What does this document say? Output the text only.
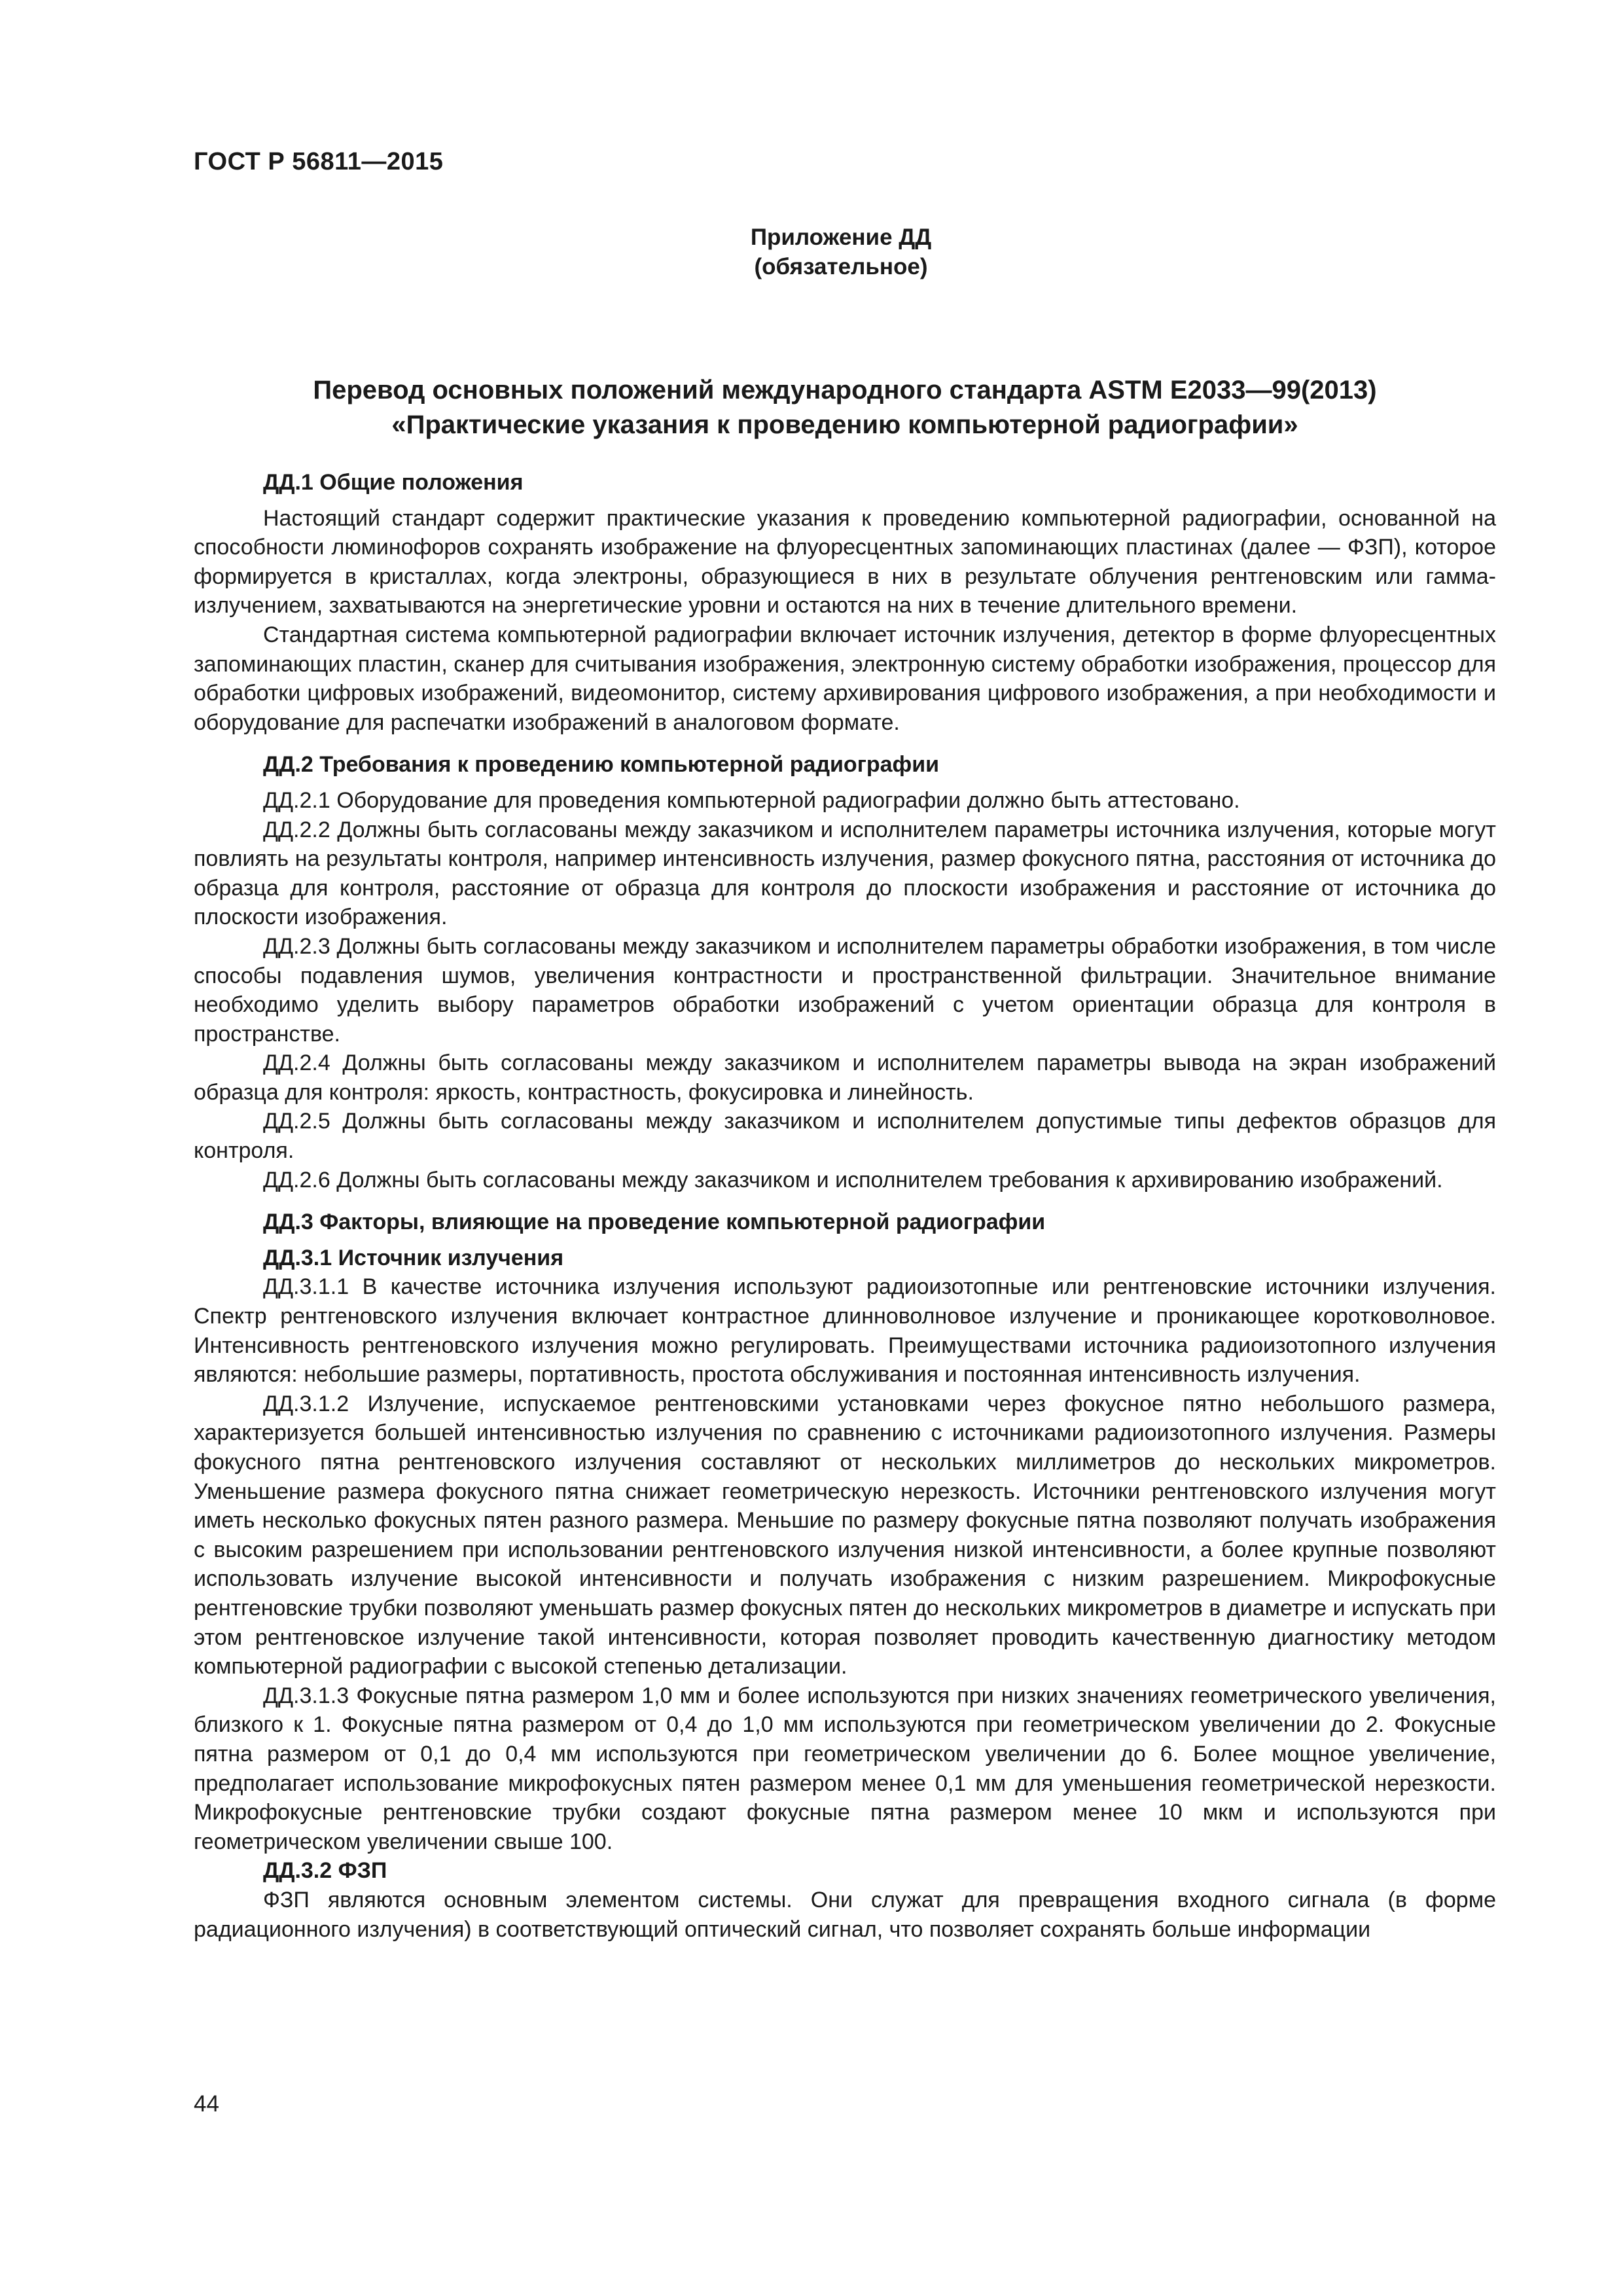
ГОСТ Р 56811—2015
Приложение ДД
(обязательное)
Перевод основных положений международного стандарта ASTM E2033—99(2013)
«Практические указания к проведению компьютерной радиографии»
ДД.1 Общие положения

Настоящий стандарт содержит практические указания к проведению компьютерной радиографии, основанной на способности люминофоров сохранять изображение на флуоресцентных запоминающих пластинах (далее — ФЗП), которое формируется в кристаллах, когда электроны, образующиеся в них в результате облучения рентгеновским или гамма-излучением, захватываются на энергетические уровни и остаются на них в течение длительного времени.

Стандартная система компьютерной радиографии включает источник излучения, детектор в форме флуоресцентных запоминающих пластин, сканер для считывания изображения, электронную систему обработки изображения, процессор для обработки цифровых изображений, видеомонитор, систему архивирования цифрового изображения, а при необходимости и оборудование для распечатки изображений в аналоговом формате.

ДД.2 Требования к проведению компьютерной радиографии

ДД.2.1 Оборудование для проведения компьютерной радиографии должно быть аттестовано.

ДД.2.2 Должны быть согласованы между заказчиком и исполнителем параметры источника излучения, которые могут повлиять на результаты контроля, например интенсивность излучения, размер фокусного пятна, расстояния от источника до образца для контроля, расстояние от образца для контроля до плоскости изображения и расстояние от источника до плоскости изображения.

ДД.2.3 Должны быть согласованы между заказчиком и исполнителем параметры обработки изображения, в том числе способы подавления шумов, увеличения контрастности и пространственной фильтрации. Значительное внимание необходимо уделить выбору параметров обработки изображений с учетом ориентации образца для контроля в пространстве.

ДД.2.4 Должны быть согласованы между заказчиком и исполнителем параметры вывода на экран изображений образца для контроля: яркость, контрастность, фокусировка и линейность.

ДД.2.5 Должны быть согласованы между заказчиком и исполнителем допустимые типы дефектов образцов для контроля.

ДД.2.6 Должны быть согласованы между заказчиком и исполнителем требования к архивированию изображений.

ДД.3 Факторы, влияющие на проведение компьютерной радиографии
ДД.3.1 Источник излучения

ДД.3.1.1 В качестве источника излучения используют радиоизотопные или рентгеновские источники излучения. Спектр рентгеновского излучения включает контрастное длинноволновое излучение и проникающее коротковолновое. Интенсивность рентгеновского излучения можно регулировать. Преимуществами источника радиоизотопного излучения являются: небольшие размеры, портативность, простота обслуживания и постоянная интенсивность излучения.

ДД.3.1.2 Излучение, испускаемое рентгеновскими установками через фокусное пятно небольшого размера, характеризуется большей интенсивностью излучения по сравнению с источниками радиоизотопного излучения. Размеры фокусного пятна рентгеновского излучения составляют от нескольких миллиметров до нескольких микрометров. Уменьшение размера фокусного пятна снижает геометрическую нерезкость. Источники рентгеновского излучения могут иметь несколько фокусных пятен разного размера. Меньшие по размеру фокусные пятна позволяют получать изображения с высоким разрешением при использовании рентгеновского излучения низкой интенсивности, а более крупные позволяют использовать излучение высокой интенсивности и получать изображения с низким разрешением. Микрофокусные рентгеновские трубки позволяют уменьшать размер фокусных пятен до нескольких микрометров в диаметре и испускать при этом рентгеновское излучение такой интенсивности, которая позволяет проводить качественную диагностику методом компьютерной радиографии с высокой степенью детализации.

ДД.3.1.3 Фокусные пятна размером 1,0 мм и более используются при низких значениях геометрического увеличения, близкого к 1. Фокусные пятна размером от 0,4 до 1,0 мм используются при геометрическом увеличении до 2. Фокусные пятна размером от 0,1 до 0,4 мм используются при геометрическом увеличении до 6. Более мощное увеличение, предполагает использование микрофокусных пятен размером менее 0,1 мм для уменьшения геометрической нерезкости. Микрофокусные рентгеновские трубки создают фокусные пятна размером менее 10 мкм и используются при геометрическом увеличении свыше 100.

ДД.3.2 ФЗП

ФЗП являются основным элементом системы. Они служат для превращения входного сигнала (в форме радиационного излучения) в соответствующий оптический сигнал, что позволяет сохранять больше информации

44
